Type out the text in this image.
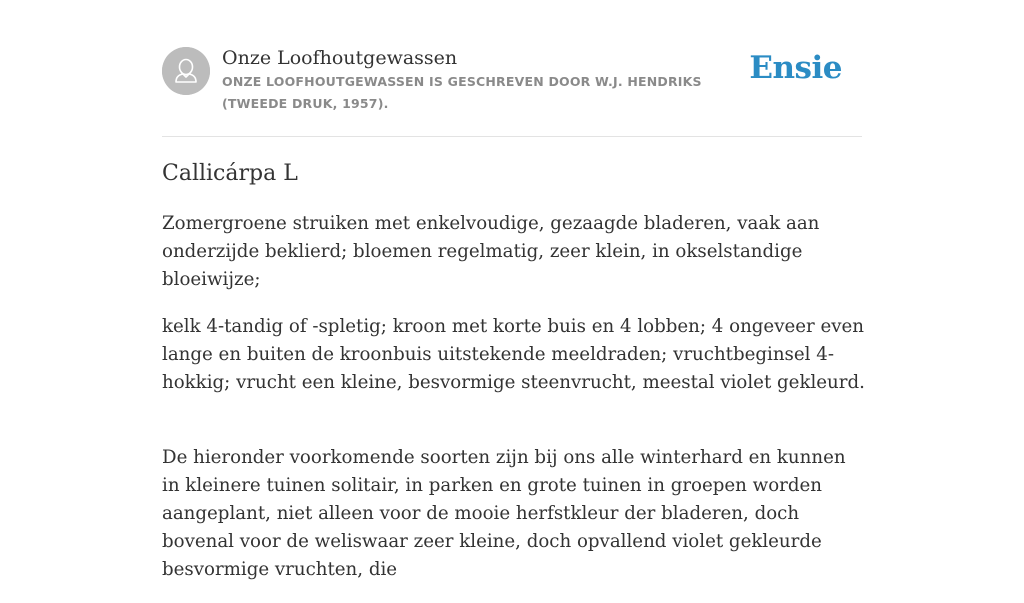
Onze Loofhoutgewassen
ONZE LOOFHOUTGEWASSEN IS GESCHREVEN DOOR W.J. HENDRIKS (TWEEDE DRUK, 1957).
Ensie
Callicárpa L

Zomergroene struiken met enkelvoudige, gezaagde bladeren, vaak aan onderzijde beklierd; bloemen regelmatig, zeer klein, in okselstandige bloeiwijze;

kelk 4-tandig of -spletig; kroon met korte buis en 4 lobben; 4 ongeveer even lange en buiten de kroonbuis uitstekende meeldraden; vruchtbeginsel 4-hokkig; vrucht een kleine, besvormige steenvrucht, meestal violet gekleurd.

De hieronder voorkomende soorten zijn bij ons alle winterhard en kunnen in kleinere tuinen solitair, in parken en grote tuinen in groepen worden aangeplant, niet alleen voor de mooie herfstkleur der bladeren, doch bovenal voor de weliswaar zeer kleine, doch opvallend violet gekleurde besvormige vruchten, die
